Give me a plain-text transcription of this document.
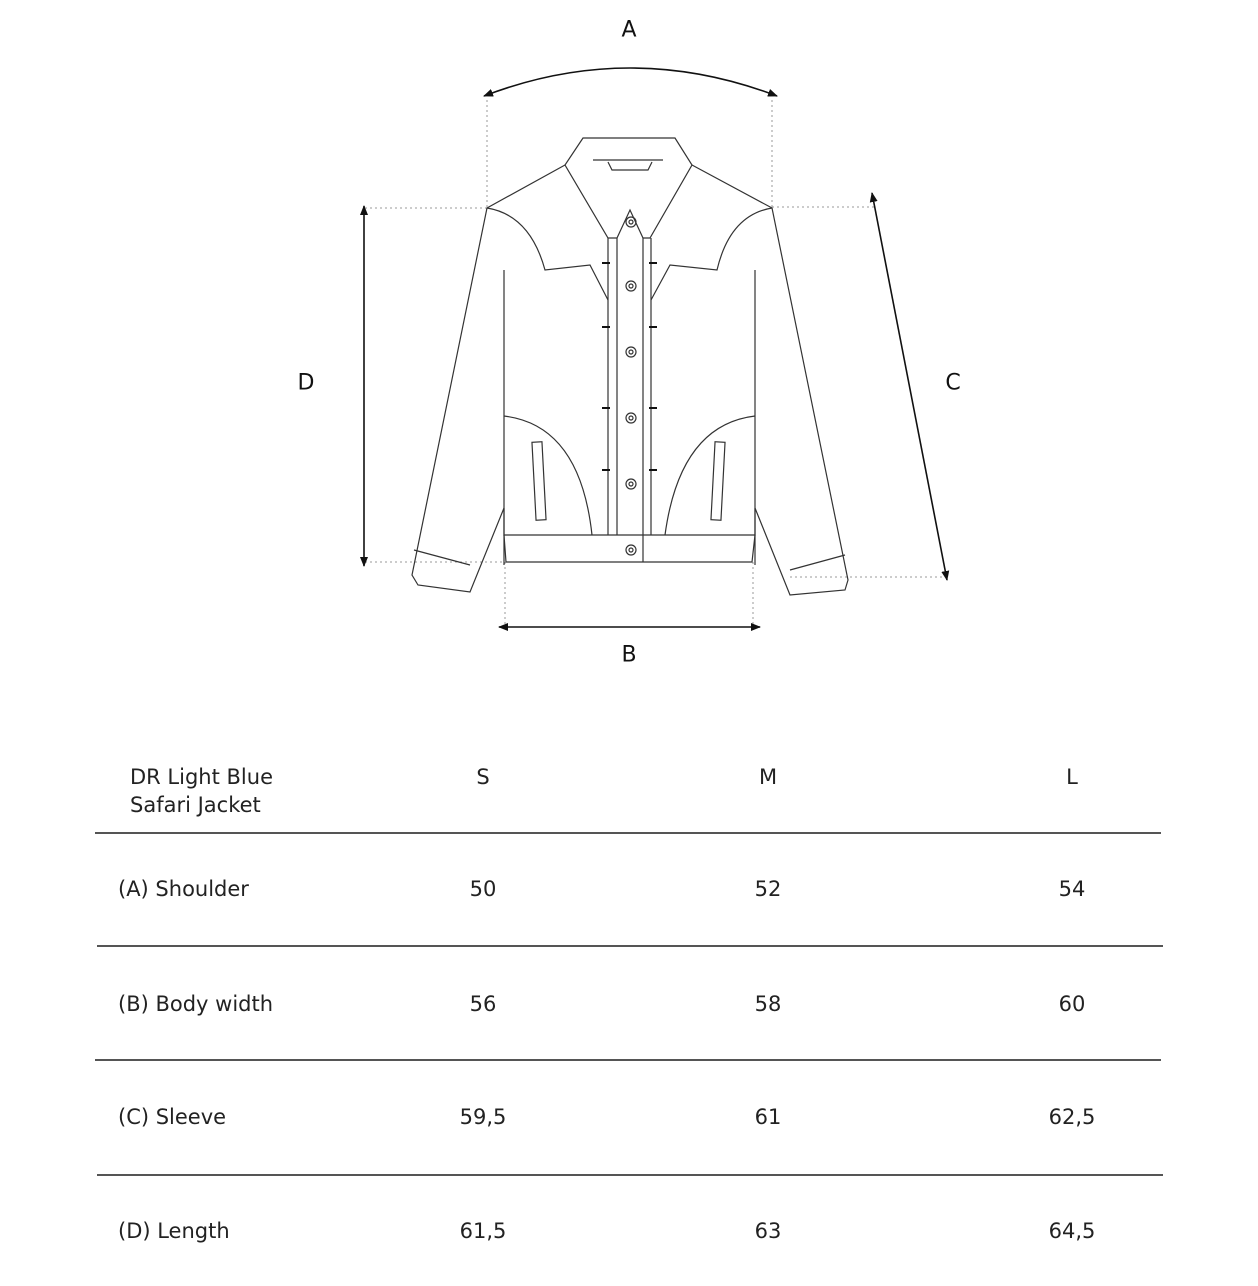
A
B
C
D
DR Light Blue
Safari Jacket
S	M	L
(A) Shoulder	50	52	54
(B) Body width	56	58	60
(C) Sleeve	59,5	61	62,5
(D) Length	61,5	63	64,5
